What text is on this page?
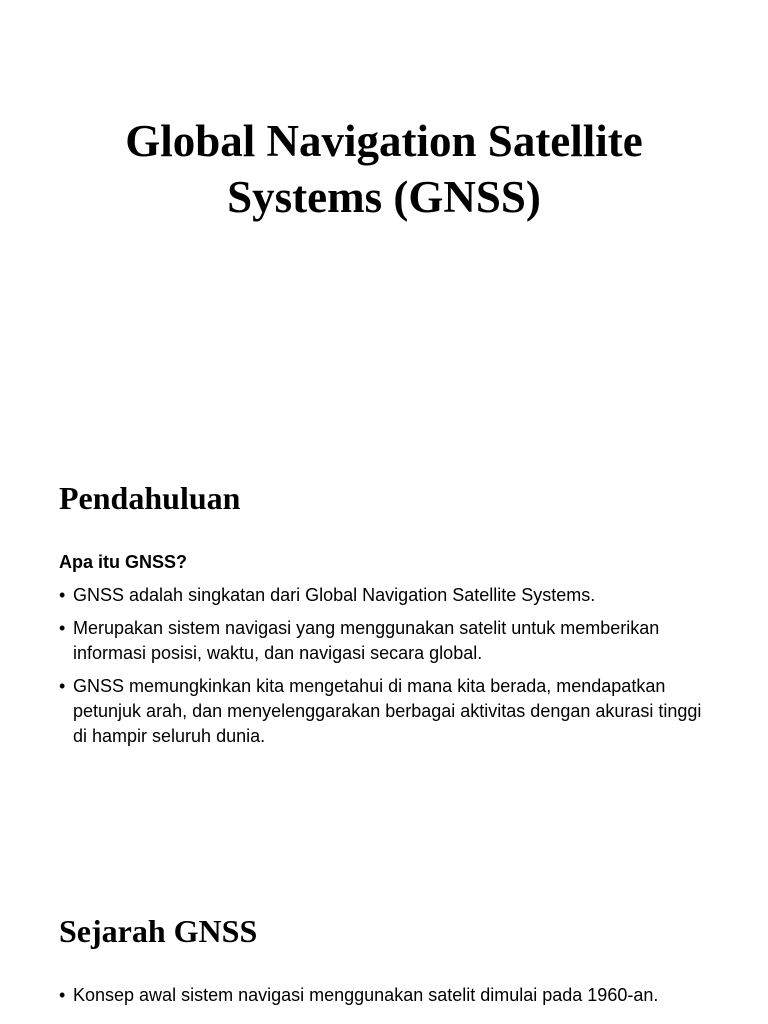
Global Navigation Satellite
Systems (GNSS)
Pendahuluan

Apa itu GNSS?

• GNSS adalah singkatan dari Global Navigation Satellite Systems.
• Merupakan sistem navigasi yang menggunakan satelit untuk memberikan informasi posisi, waktu, dan navigasi secara global.
• GNSS memungkinkan kita mengetahui di mana kita berada, mendapatkan petunjuk arah, dan menyelenggarakan berbagai aktivitas dengan akurasi tinggi di hampir seluruh dunia.
Sejarah GNSS
• Konsep awal sistem navigasi menggunakan satelit dimulai pada 1960-an.
